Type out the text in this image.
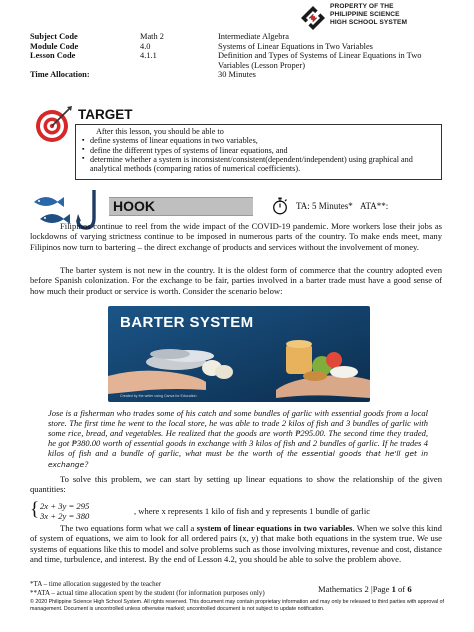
PROPERTY OF THE
PHILIPPINE SCIENCE
HIGH SCHOOL SYSTEM
Subject Code	Math 2	Intermediate Algebra
Module Code	4.0	Systems of Linear Equations in Two Variables
Lesson Code	4.1.1	Definition and Types of Systems of Linear Equations in Two
Variables (Lesson Proper)
Time Allocation:	30 Minutes
TARGET
After this lesson, you should be able to
▪ define systems of linear equations in two variables,
▪ define the different types of systems of linear equations, and
▪ determine whether a system is inconsistent/consistent(dependent/independent) using graphical and analytical methods (comparing ratios of numerical coefficients).
HOOK	TA: 5 Minutes* ATA**:
Filipinos continue to reel from the wide impact of the COVID-19 pandemic. More workers lose their jobs as lockdowns of varying strictness continue to be imposed in numerous parts of the country. To make ends meet, many Filipinos now turn to bartering – the direct exchange of products and services without the involvement of money.
The barter system is not new in the country. It is the oldest form of commerce that the country adopted even before Spanish colonization. For the exchange to be fair, parties involved in a barter trade must have a good sense of how much their product or service is worth. Consider the scenario below:
BARTER SYSTEM
Created by the writer using Canva for Education
Jose is a fisherman who trades some of his catch and some bundles of garlic with essential goods from a local store. The first time he went to the local store, he was able to trade 2 kilos of fish and 3 bundles of garlic with some rice, bread, and vegetables. He realized that the goods are worth ₱295.00. The second time they traded, he got ₱380.00 worth of essential goods in exchange with 3 kilos of fish and 2 bundles of garlic. If he trades 4 kilos of fish and a bundle of garlic, what must be the worth of the essential goods that he'll get in exchange?
To solve this problem, we can start by setting up linear equations to show the relationship of the given quantities:
{ 2x + 3y = 295
3x + 2y = 380
, where x represents 1 kilo of fish and y represents 1 bundle of garlic
The two equations form what we call a system of linear equations in two variables. When we solve this kind of system of equations, we aim to look for all ordered pairs (x, y) that make both equations in the system true. We use systems of equations like this to model and solve problems such as those involving mixtures, revenue and cost, distance and time, turbulence, and interest. By the end of Lesson 4.2, you should be able to solve the problem above.
*TA – time allocation suggested by the teacher
**ATA – actual time allocation spent by the student (for information purposes only)	Mathematics 2 |Page 1 of 6
© 2020 Philippine Science High School System. All rights reserved. This document may contain proprietary information and may only be released to third parties with approval of management. Document is uncontrolled unless otherwise marked; uncontrolled document is not subject to update notification.
